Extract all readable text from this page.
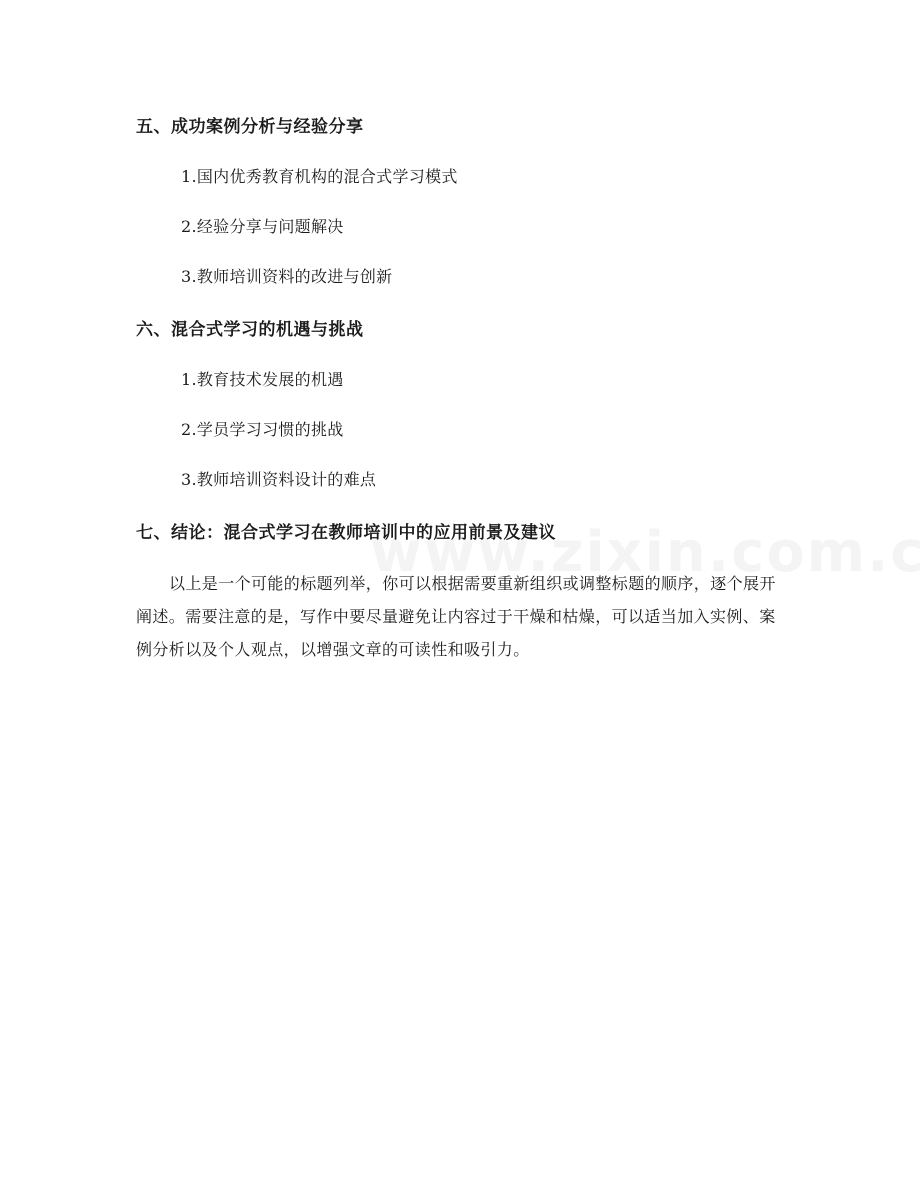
五、成功案例分析与经验分享
1.国内优秀教育机构的混合式学习模式
2.经验分享与问题解决
3.教师培训资料的改进与创新
六、混合式学习的机遇与挑战
1.教育技术发展的机遇
2.学员学习习惯的挑战
3.教师培训资料设计的难点
七、结论：混合式学习在教师培训中的应用前景及建议
以上是一个可能的标题列举，你可以根据需要重新组织或调整标题的顺序，逐个展开阐述。需要注意的是，写作中要尽量避免让内容过于干燥和枯燥，可以适当加入实例、案例分析以及个人观点，以增强文章的可读性和吸引力。
